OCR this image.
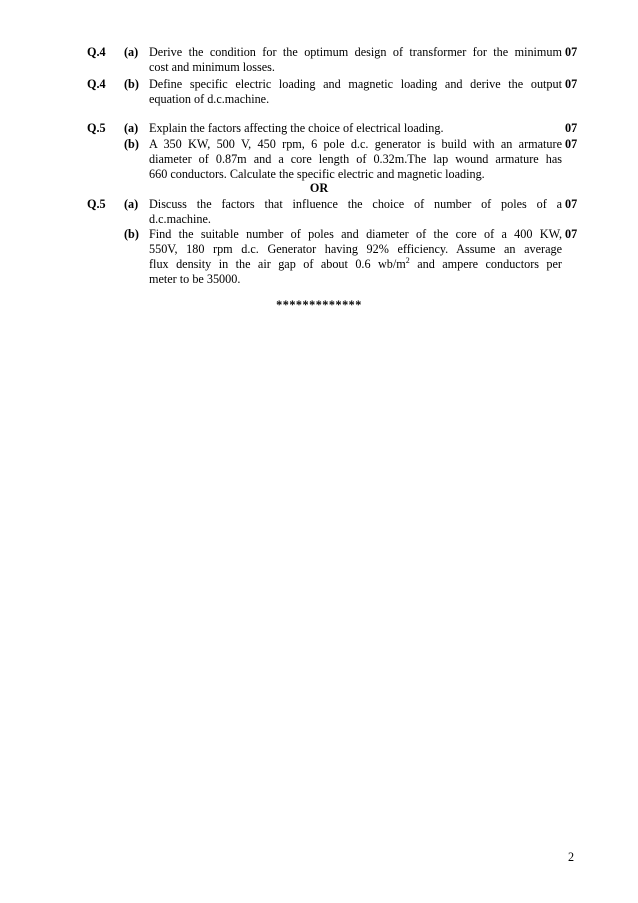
Q.4 (a) Derive the condition for the optimum design of transformer for the minimum
cost and minimum losses.
07
Q.4 (b) Define specific electric loading and magnetic loading and derive the output
equation of d.c.machine.
07
Q.5 (a) Explain the factors affecting the choice of electrical loading.	07
(b) A 350 KW, 500 V, 450 rpm, 6 pole d.c. generator is build with an armature
diameter of 0.87m and a core length of 0.32m.The lap wound armature has
660 conductors. Calculate the specific electric and magnetic loading.
07
OR
Q.5 (a) Discuss the factors that influence the choice of number of poles of a
d.c.machine.
07
(b) Find the suitable number of poles and diameter of the core of a 400 KW,
550V, 180 rpm d.c. Generator having 92% efficiency. Assume an average
flux density in the air gap of about 0.6 $wb/m^2$ and ampere conductors per
meter to be 35000.
07
*************
2
